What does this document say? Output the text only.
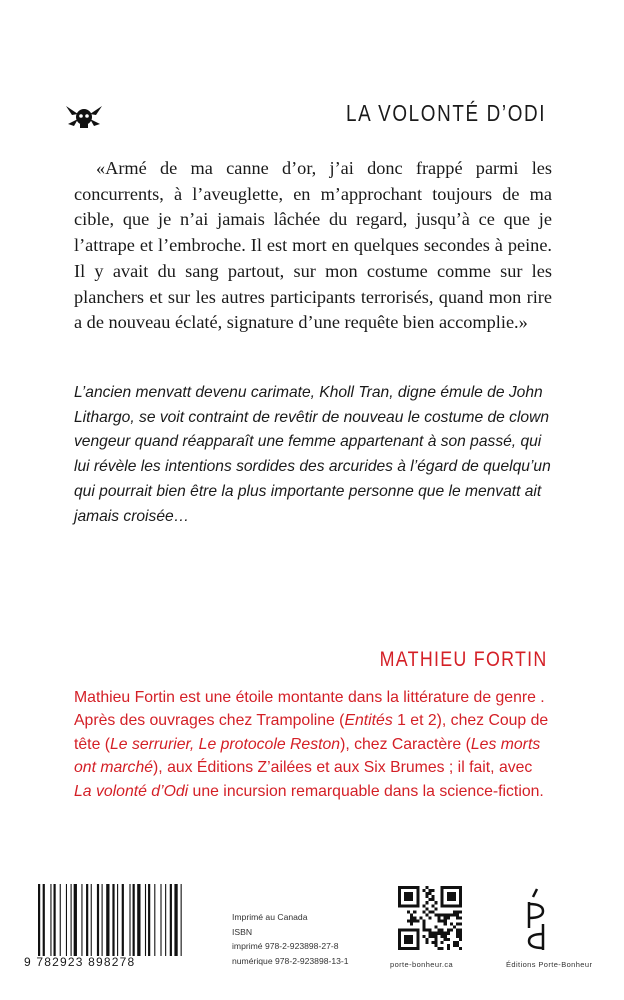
LA VOLONTÉ D’ODI

«Armé de ma canne d’or, j’ai donc frappé parmi les concurrents, à l’aveuglette, en m’approchant toujours de ma cible, que je n’ai jamais lâchée du regard, jusqu’à ce que je l’attrape et l’embroche. Il est mort en quelques secondes à peine. Il y avait du sang partout, sur mon costume comme sur les planchers et sur les autres participants terrorisés, quand mon rire a de nouveau éclaté, signature d’une requête bien accomplie.»

L’ancien menvatt devenu carimate, Kholl Tran, digne émule de John Lithargo, se voit contraint de revêtir de nouveau le costume de clown vengeur quand réapparaît une femme appartenant à son passé, qui lui révèle les intentions sordides des arcurides à l’égard de quelqu’un qui pourrait bien être la plus importante personne que le menvatt ait jamais croisée…

MATHIEU FORTIN

Mathieu Fortin est une étoile montante dans la littérature de genre . Après des ouvrages chez Trampoline (Entités 1 et 2), chez Coup de tête (Le serrurier, Le protocole Reston), chez Caractère (Les morts ont marché), aux Éditions Z’ailées et aux Six Brumes ; il fait, avec La volonté d’Odi une incursion remarquable dans la science-fiction.

9 782923 898278
Imprimé au Canada
ISBN
imprimé 978-2-923898-27-8
numérique 978-2-923898-13-1	porte-bonheur.ca	Éditions Porte-Bonheur
